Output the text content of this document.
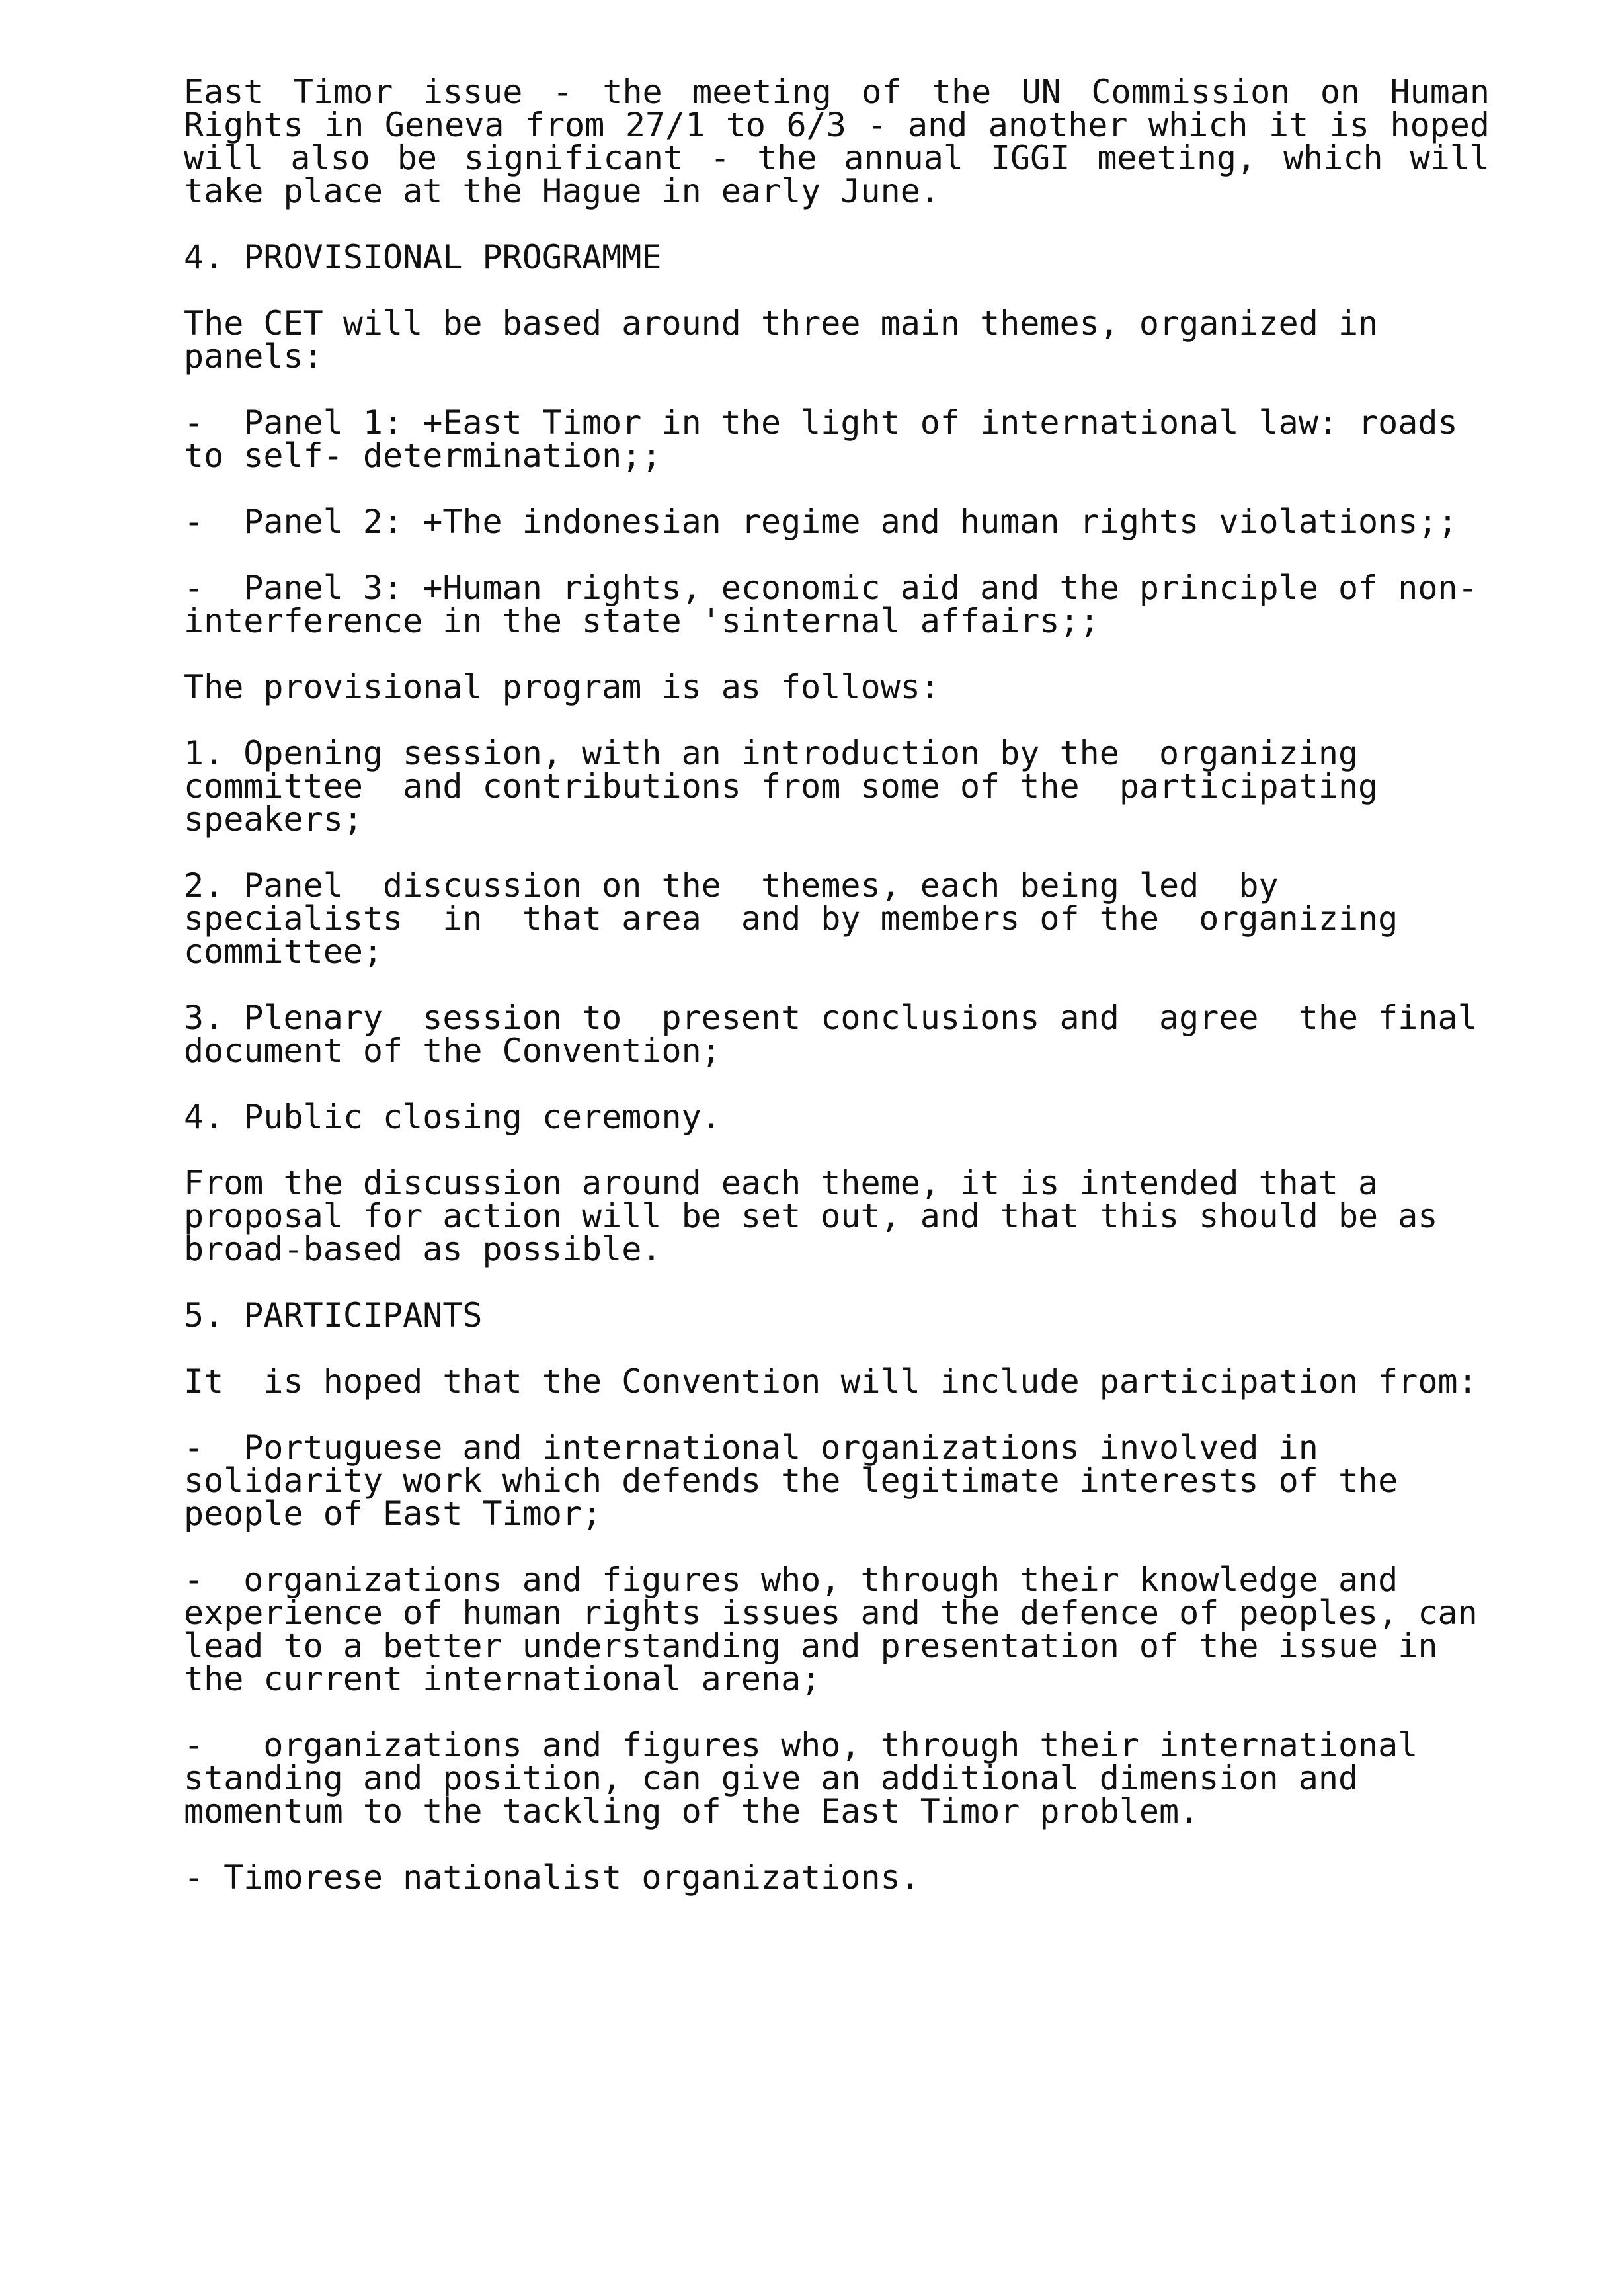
East Timor issue - the meeting of the UN Commission on Human Rights in Geneva from 27/1 to 6/3 - and another which it is hoped will also be significant - the annual IGGI meeting, which will take place at the Hague in early June.

4. PROVISIONAL PROGRAMME

The CET will be based around three main themes, organized in panels:

-  Panel 1: +East Timor in the light of international law: roads to self- determination;;

-  Panel 2: +The indonesian regime and human rights violations;;

-  Panel 3: +Human rights, economic aid and the principle of non-interference in the state 'sinternal affairs;;

The provisional program is as follows:

1. Opening session, with an introduction by the  organizing committee  and contributions from some of the  participating speakers;

2. Panel  discussion on the  themes, each being led  by specialists  in  that area  and by members of the  organizing committee;

3. Plenary  session to  present conclusions and  agree  the final document of the Convention;

4. Public closing ceremony.

From the discussion around each theme, it is intended that a proposal for action will be set out, and that this should be as broad-based as possible.

5. PARTICIPANTS

It  is hoped that the Convention will include participation from:

-  Portuguese and international organizations involved in solidarity work which defends the legitimate interests of the people of East Timor;

-  organizations and figures who, through their knowledge and experience of human rights issues and the defence of peoples, can lead to a better understanding and presentation of the issue in the current international arena;

-   organizations and figures who, through their international standing and position, can give an additional dimension and momentum to the tackling of the East Timor problem.

- Timorese nationalist organizations.
